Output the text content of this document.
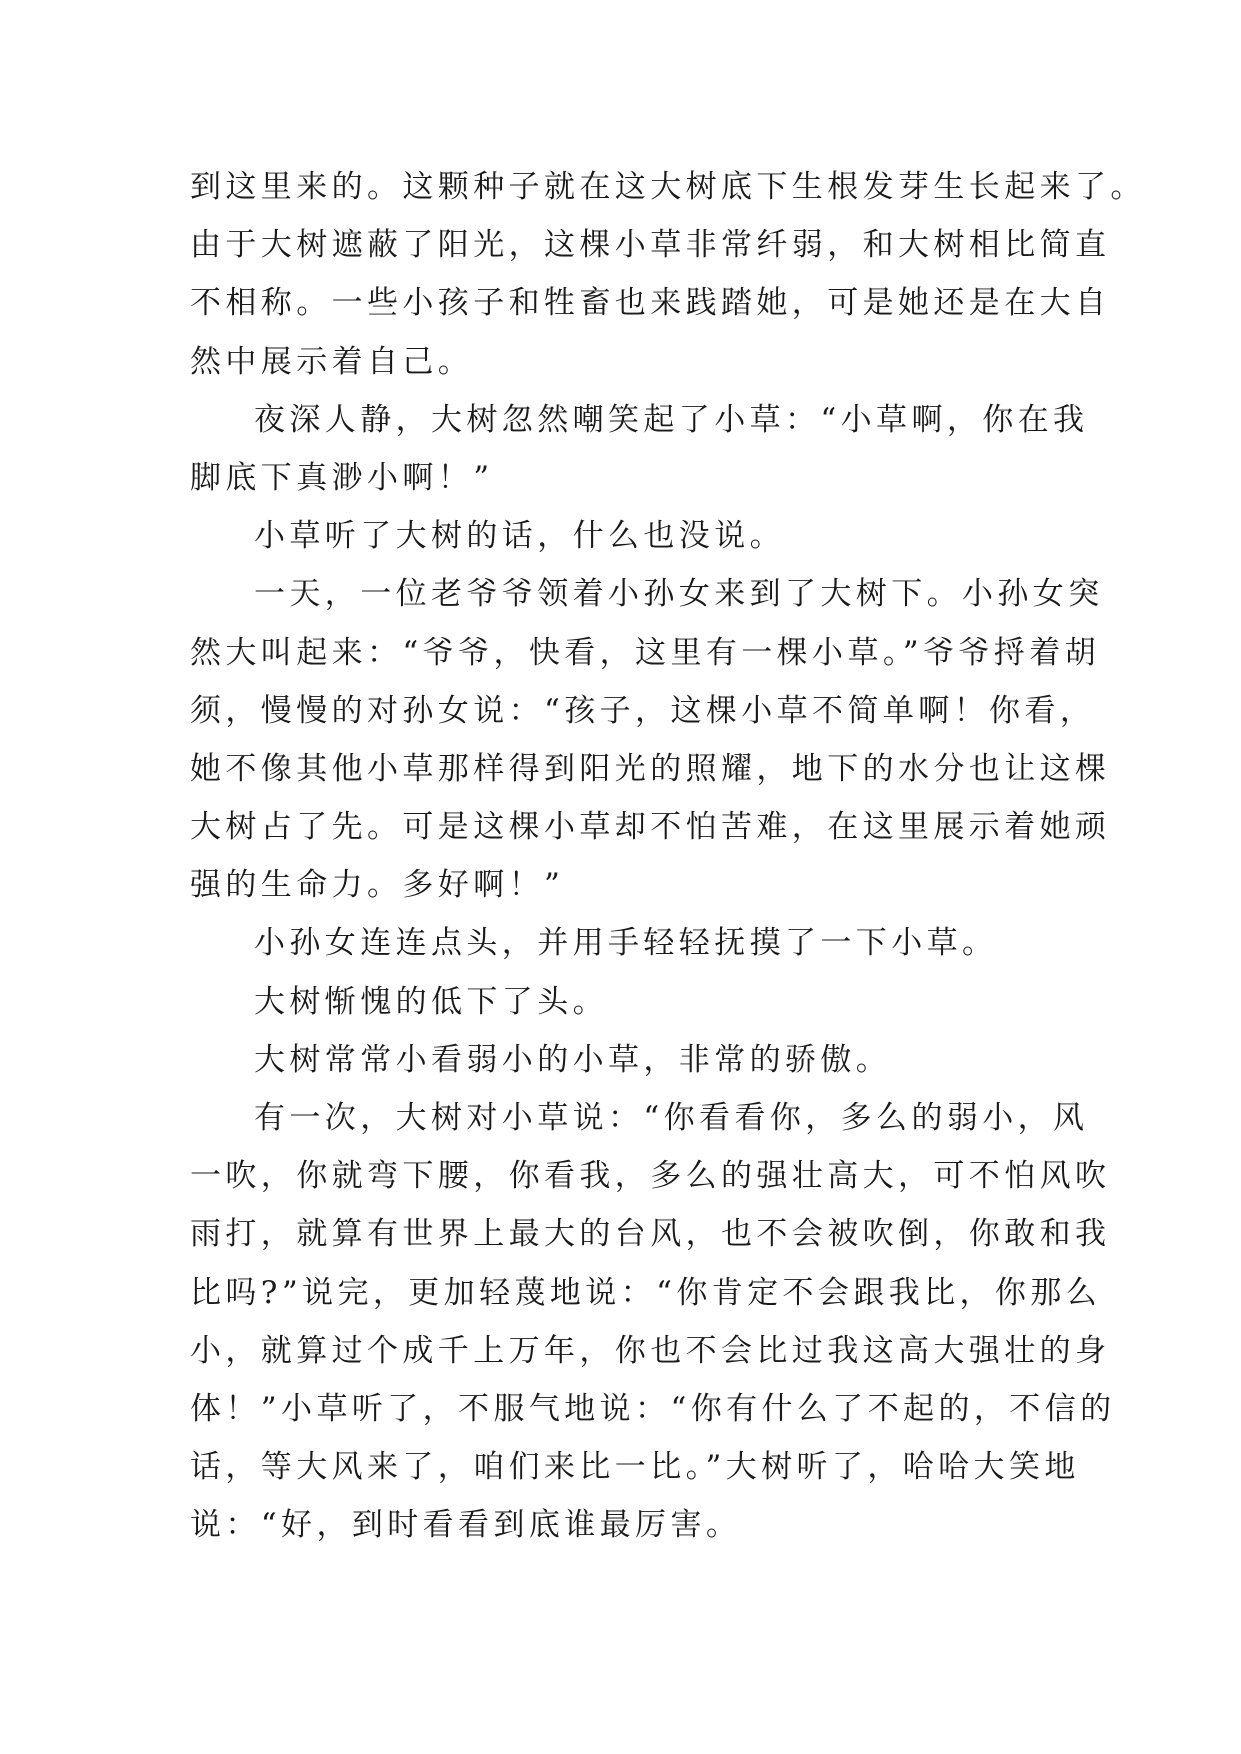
到这里来的。这颗种子就在这大树底下生根发芽生长起来了。
由于大树遮蔽了阳光，这棵小草非常纤弱，和大树相比简直
不相称。一些小孩子和牲畜也来践踏她，可是她还是在大自
然中展示着自己。
夜深人静，大树忽然嘲笑起了小草：“小草啊，你在我
脚底下真渺小啊！”
小草听了大树的话，什么也没说。
一天，一位老爷爷领着小孙女来到了大树下。小孙女突
然大叫起来：“爷爷，快看，这里有一棵小草。”爷爷捋着胡
须，慢慢的对孙女说：“孩子，这棵小草不简单啊！你看，
她不像其他小草那样得到阳光的照耀，地下的水分也让这棵
大树占了先。可是这棵小草却不怕苦难，在这里展示着她顽
强的生命力。多好啊！”
小孙女连连点头，并用手轻轻抚摸了一下小草。
大树惭愧的低下了头。
大树常常小看弱小的小草，非常的骄傲。
有一次，大树对小草说：“你看看你，多么的弱小，风
一吹，你就弯下腰，你看我，多么的强壮高大，可不怕风吹
雨打，就算有世界上最大的台风，也不会被吹倒，你敢和我
比吗?”说完，更加轻蔑地说：“你肯定不会跟我比，你那么
小，就算过个成千上万年，你也不会比过我这高大强壮的身
体！”小草听了，不服气地说：“你有什么了不起的，不信的
话，等大风来了，咱们来比一比。”大树听了，哈哈大笑地
说：“好，到时看看到底谁最厉害。
